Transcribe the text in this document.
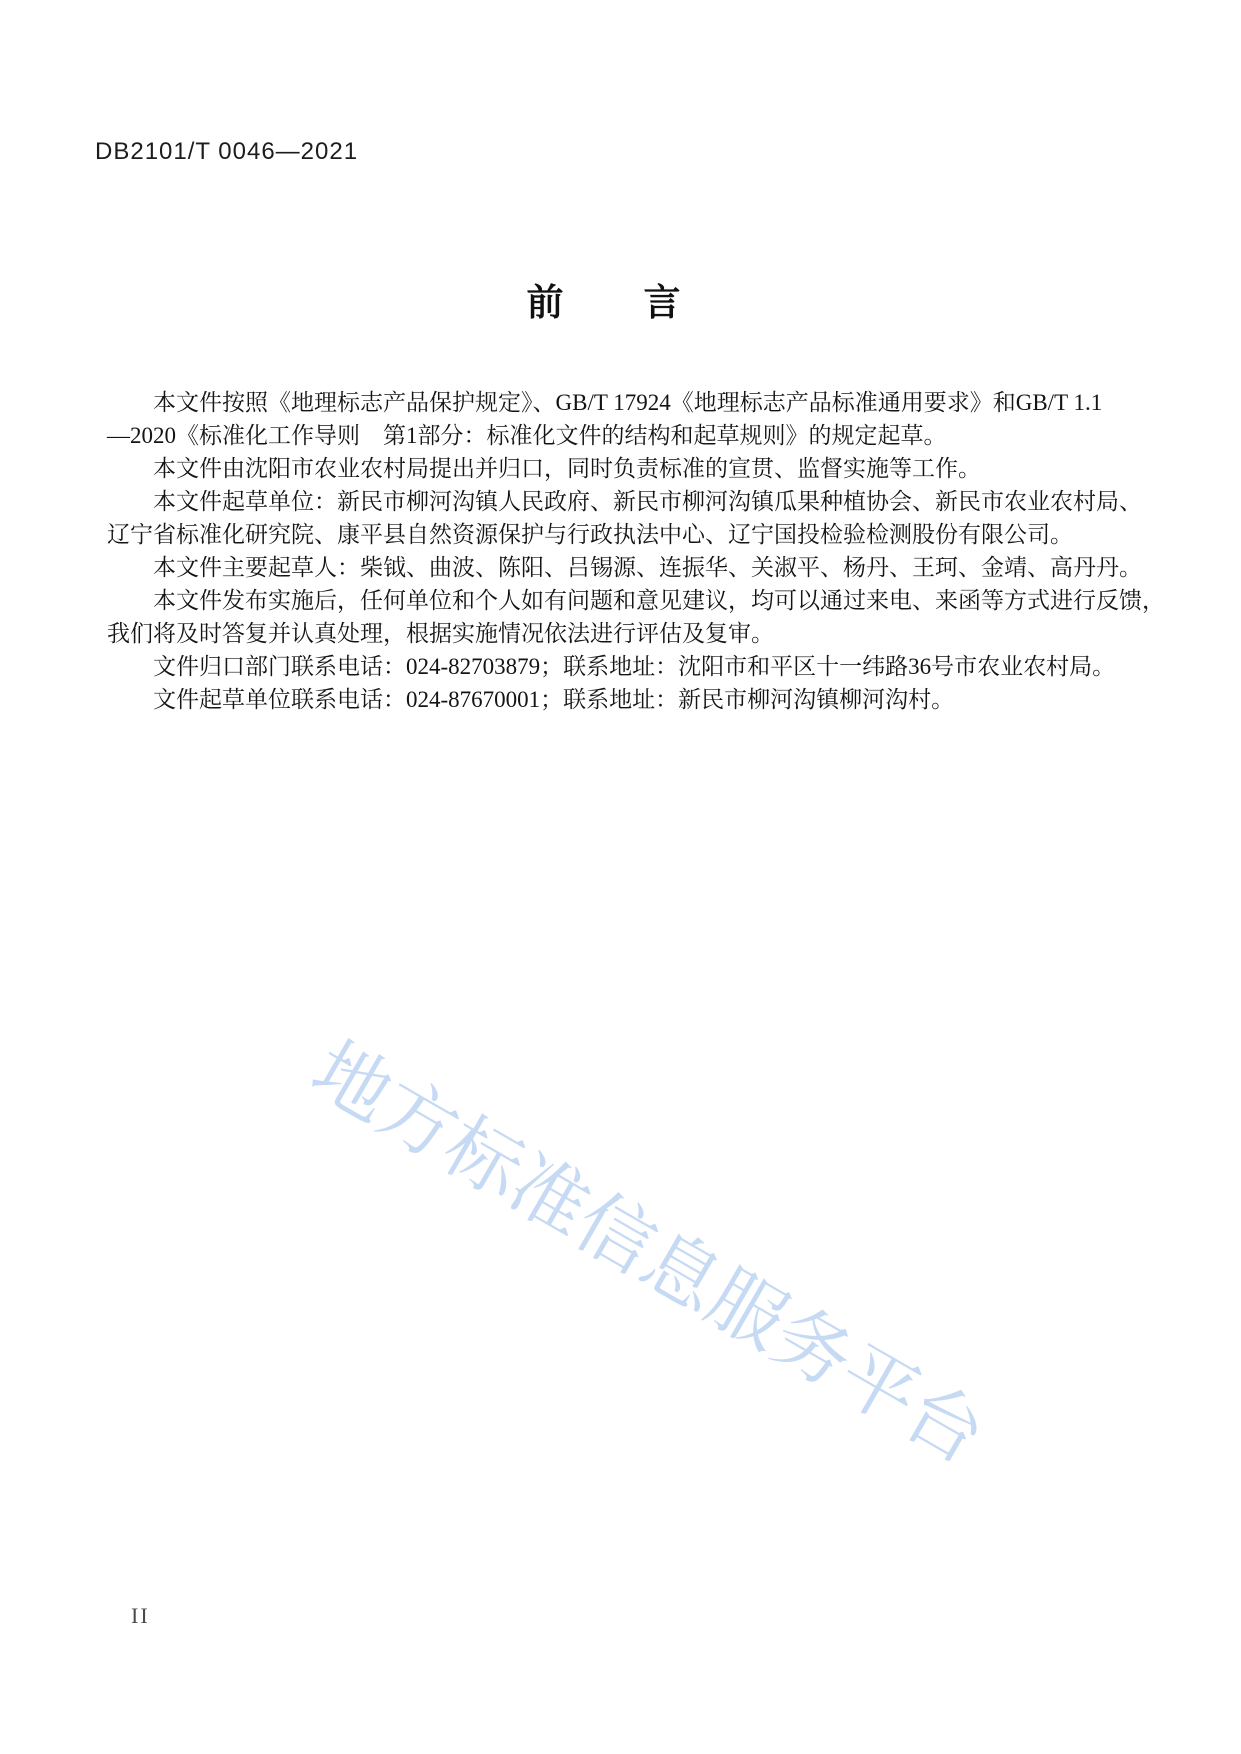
DB2101/T 0046—2021
前　　言
本文件按照《地理标志产品保护规定》、GB/T 17924《地理标志产品标准通用要求》和GB/T 1.1
—2020《标准化工作导则　第1部分：标准化文件的结构和起草规则》的规定起草。
本文件由沈阳市农业农村局提出并归口，同时负责标准的宣贯、监督实施等工作。
本文件起草单位：新民市柳河沟镇人民政府、新民市柳河沟镇瓜果种植协会、新民市农业农村局、
辽宁省标准化研究院、康平县自然资源保护与行政执法中心、辽宁国投检验检测股份有限公司。
本文件主要起草人：柴钺、曲波、陈阳、吕锡源、连振华、关淑平、杨丹、王珂、金靖、高丹丹。
本文件发布实施后，任何单位和个人如有问题和意见建议，均可以通过来电、来函等方式进行反馈，
我们将及时答复并认真处理，根据实施情况依法进行评估及复审。
文件归口部门联系电话：024-82703879；联系地址：沈阳市和平区十一纬路36号市农业农村局。
文件起草单位联系电话：024-87670001；联系地址：新民市柳河沟镇柳河沟村。
地方标准信息服务平台
II
